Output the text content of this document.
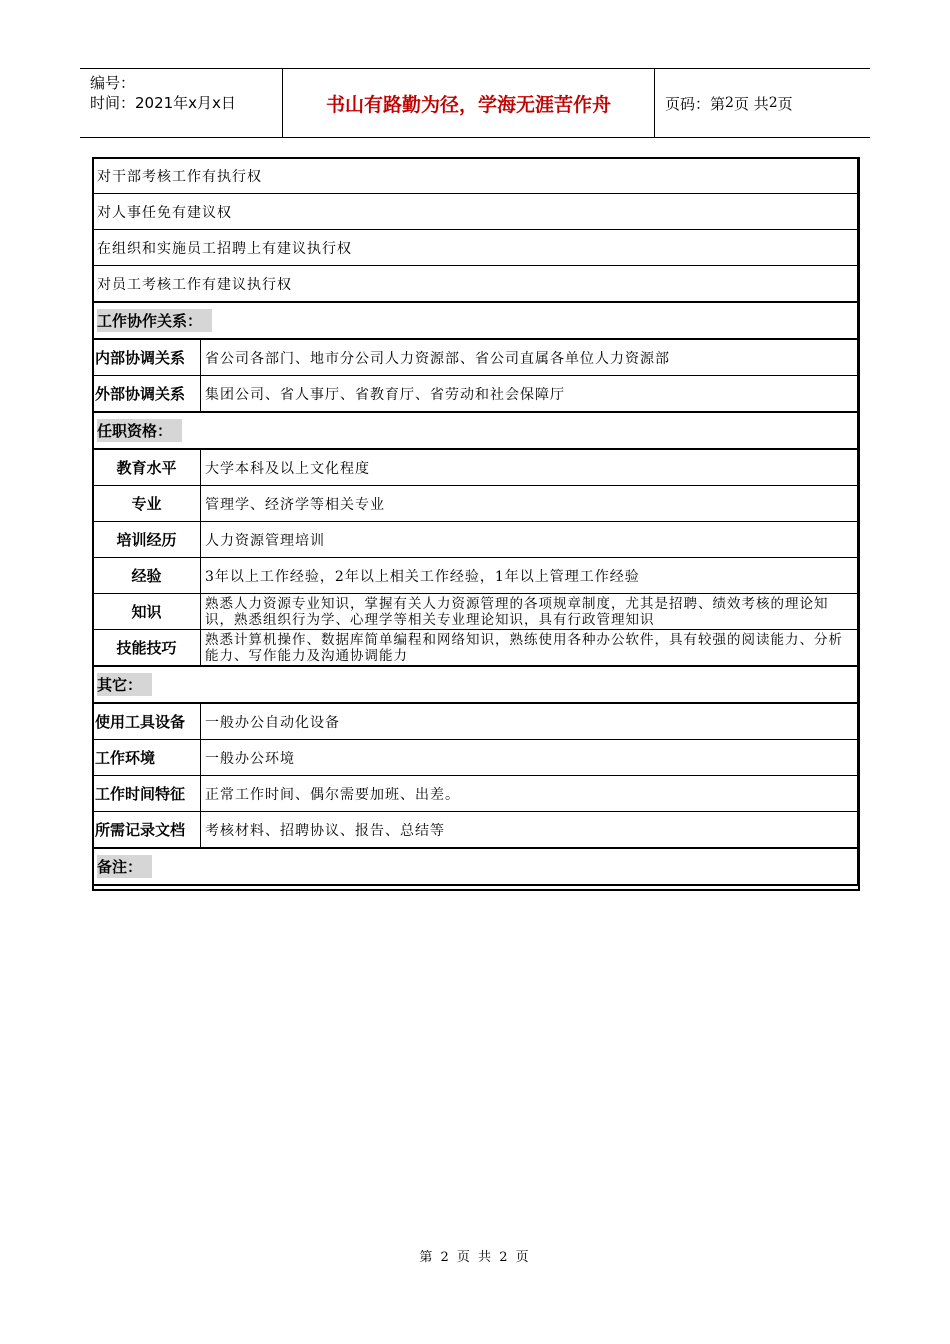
编号：
时间：2021年x月x日	书山有路勤为径，学海无涯苦作舟	页码：第 2 页 共 2 页
对干部考核工作有执行权	
对人事任免有建议权	
在组织和实施员工招聘上有建议执行权	
对员工考核工作有建议执行权	
工作协作关系：	
内部协调关系	省公司各部门、地市分公司人力资源部、省公司直属各单位人力资源部
外部协调关系	集团公司、省人事厅、省教育厅、省劳动和社会保障厅
任职资格：	
教育水平	大学本科及以上文化程度
专业	管理学、经济学等相关专业
培训经历	人力资源管理培训
经验	3年以上工作经验，2年以上相关工作经验，1年以上管理工作经验
知识	熟悉人力资源专业知识，掌握有关人力资源管理的各项规章制度，尤其是招聘、绩效考核的理论知识，熟悉组织行为学、心理学等相关专业理论知识，具有行政管理知识
技能技巧	熟悉计算机操作、数据库简单编程和网络知识，熟练使用各种办公软件，具有较强的阅读能力、分析能力、写作能力及沟通协调能力
其它：	
使用工具设备	一般办公自动化设备
工作环境	一般办公环境
工作时间特征	正常工作时间、偶尔需要加班、出差。
所需记录文档	考核材料、招聘协议、报告、总结等
备注：	
第 2 页 共 2 页
